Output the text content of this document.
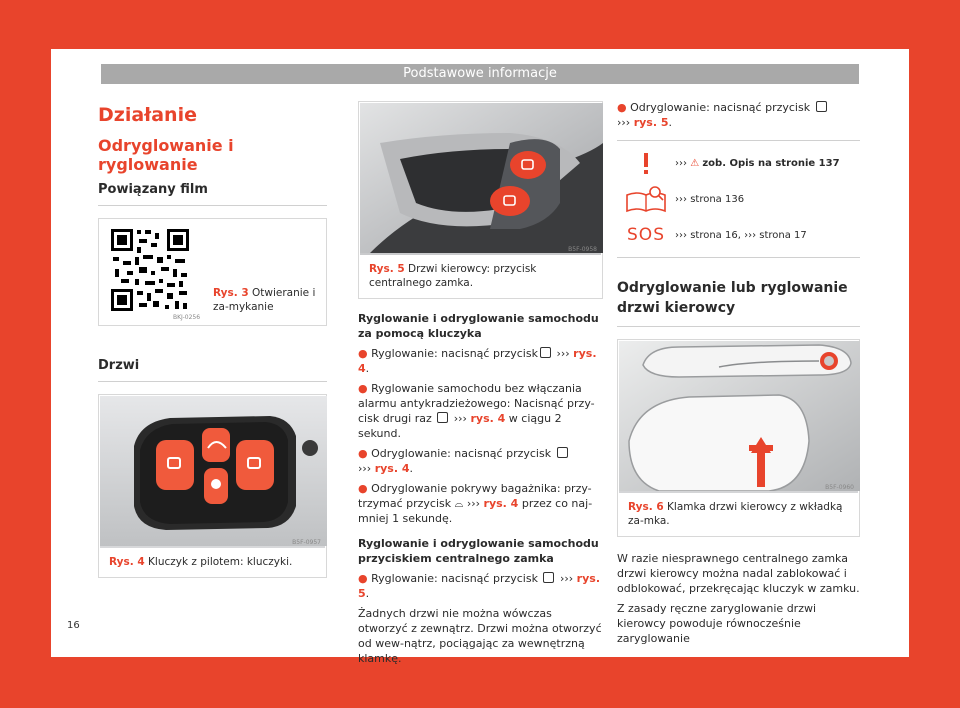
Podstawowe informacje
16
Działanie
Odryglowanie i ryglowanie
Powiązany film
BKJ-0256
Rys. 3 Otwieranie i za-mykanie
Drzwi
B5F-0957
Rys. 4 Kluczyk z pilotem: kluczyki.
B5F-0958
Rys. 5 Drzwi kierowcy: przycisk centralnego zamka.
Ryglowanie i odryglowanie samochodu za pomocą kluczyka

● Ryglowanie: nacisnąć przycisk ››› rys. 4.

● Ryglowanie samochodu bez włączania alarmu antykradzieżowego: Nacisnąć przy-cisk drugi raz  ››› rys. 4 w ciągu 2 sekund.

● Odryglowanie: nacisnąć przycisk
››› rys. 4.

● Odryglowanie pokrywy bagażnika: przy-trzymać przycisk ⌓ ››› rys. 4 przez co naj-mniej 1 sekundę.

Ryglowanie i odryglowanie samochodu przyciskiem centralnego zamka

● Ryglowanie: nacisnąć przycisk  ››› rys. 5.

Żadnych drzwi nie można wówczas otworzyć z zewnątrz. Drzwi można otworzyć od wew-nątrz, pociągając za wewnętrzną klamkę.

● Odryglowanie: nacisnąć przycisk
››› rys. 5.

››› ⚠ zob. Opis na stronie 137
››› strona 136
SOS ››› strona 16, ››› strona 17
Odryglowanie lub ryglowanie drzwi kierowcy
B5F-0960
Rys. 6 Klamka drzwi kierowcy z wkładką za-mka.

W razie niesprawnego centralnego zamka drzwi kierowcy można nadal zablokować i odblokować, przekręcając kluczyk w zamku.

Z zasady ręczne zaryglowanie drzwi kierowcy powoduje równocześnie zaryglowanie
